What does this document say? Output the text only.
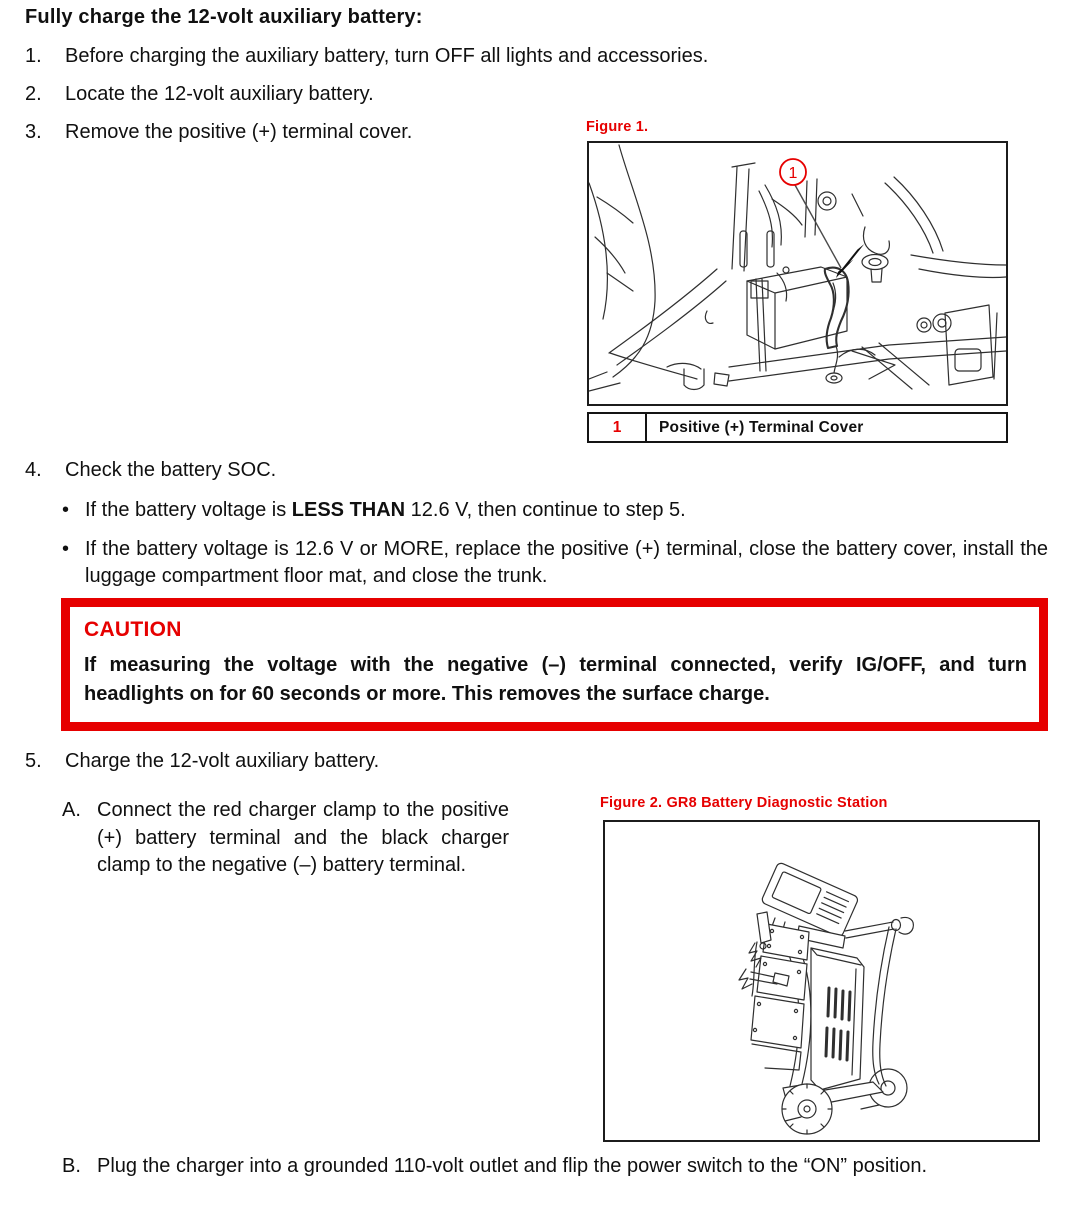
Fully charge the 12-volt auxiliary battery:
1.	Before charging the auxiliary battery, turn OFF all lights and accessories.
2.	Locate the 12-volt auxiliary battery.
3.	Remove the positive (+) terminal cover.	Figure 1.
1
1	Positive (+) Terminal Cover
4.	Check the battery SOC.
•
If the battery voltage is LESS THAN 12.6 V, then continue to step 5.
•
If the battery voltage is 12.6 V or MORE, replace the positive (+) terminal, close the battery cover, install the luggage compartment floor mat, and close the trunk.
CAUTION
If measuring the voltage with the negative (–) terminal connected, verify IG/OFF, and turn headlights on for 60 seconds or more. This removes the surface charge.
5.	Charge the 12-volt auxiliary battery.
A. Connect the red charger clamp to the positive (+) battery terminal and the black charger clamp to the negative (–) battery terminal.
Figure 2. GR8 Battery Diagnostic Station
B. Plug the charger into a grounded 110-volt outlet and flip the power switch to the “ON” position.
